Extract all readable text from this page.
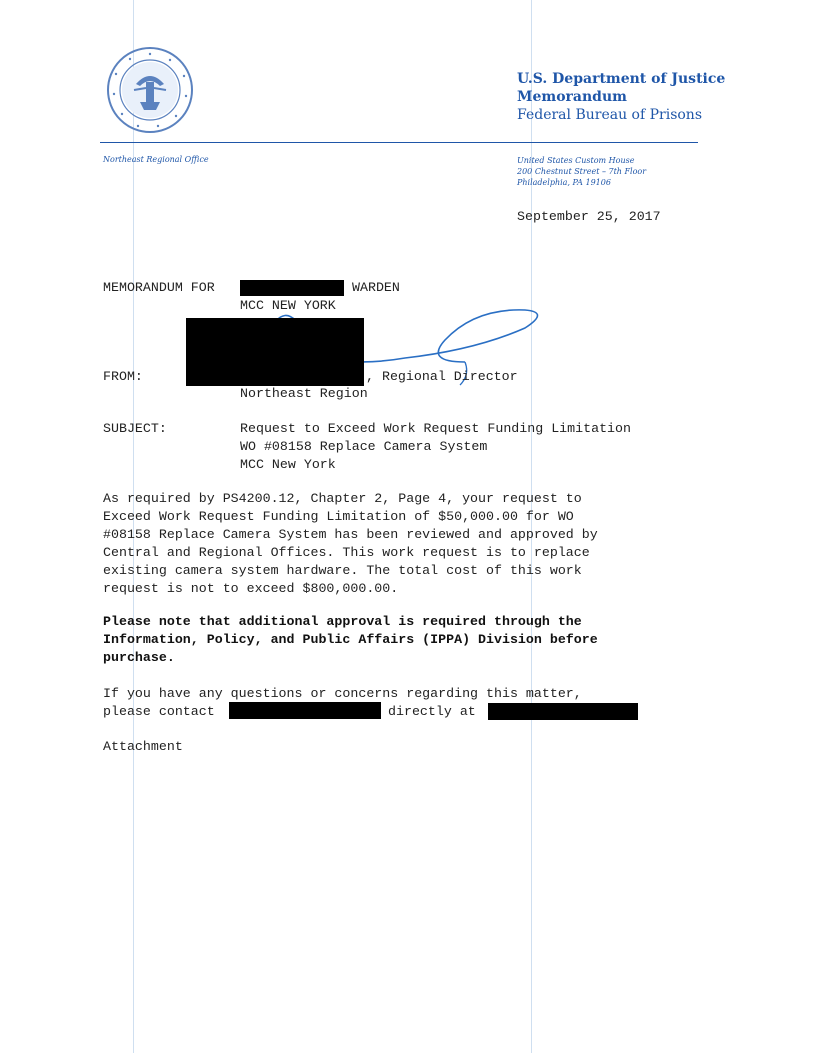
U.S. Department of Justice
Memorandum
Federal Bureau of Prisons
Northeast Regional Office	United States Custom House
200 Chestnut Street – 7th Floor
Philadelphia, PA 19106
September 25, 2017
MEMORANDUM FOR	WARDEN
MCC NEW YORK
FROM:	, Regional Director
Northeast Region
SUBJECT:	Request to Exceed Work Request Funding Limitation
WO #08158 Replace Camera System
MCC New York
As required by PS4200.12, Chapter 2, Page 4, your request to
Exceed Work Request Funding Limitation of $50,000.00 for WO
#08158 Replace Camera System has been reviewed and approved by
Central and Regional Offices. This work request is to replace
existing camera system hardware. The total cost of this work
request is not to exceed $800,000.00.
Please note that additional approval is required through the
Information, Policy, and Public Affairs (IPPA) Division before
purchase.
If you have any questions or concerns regarding this matter,
please contact	directly at
Attachment
